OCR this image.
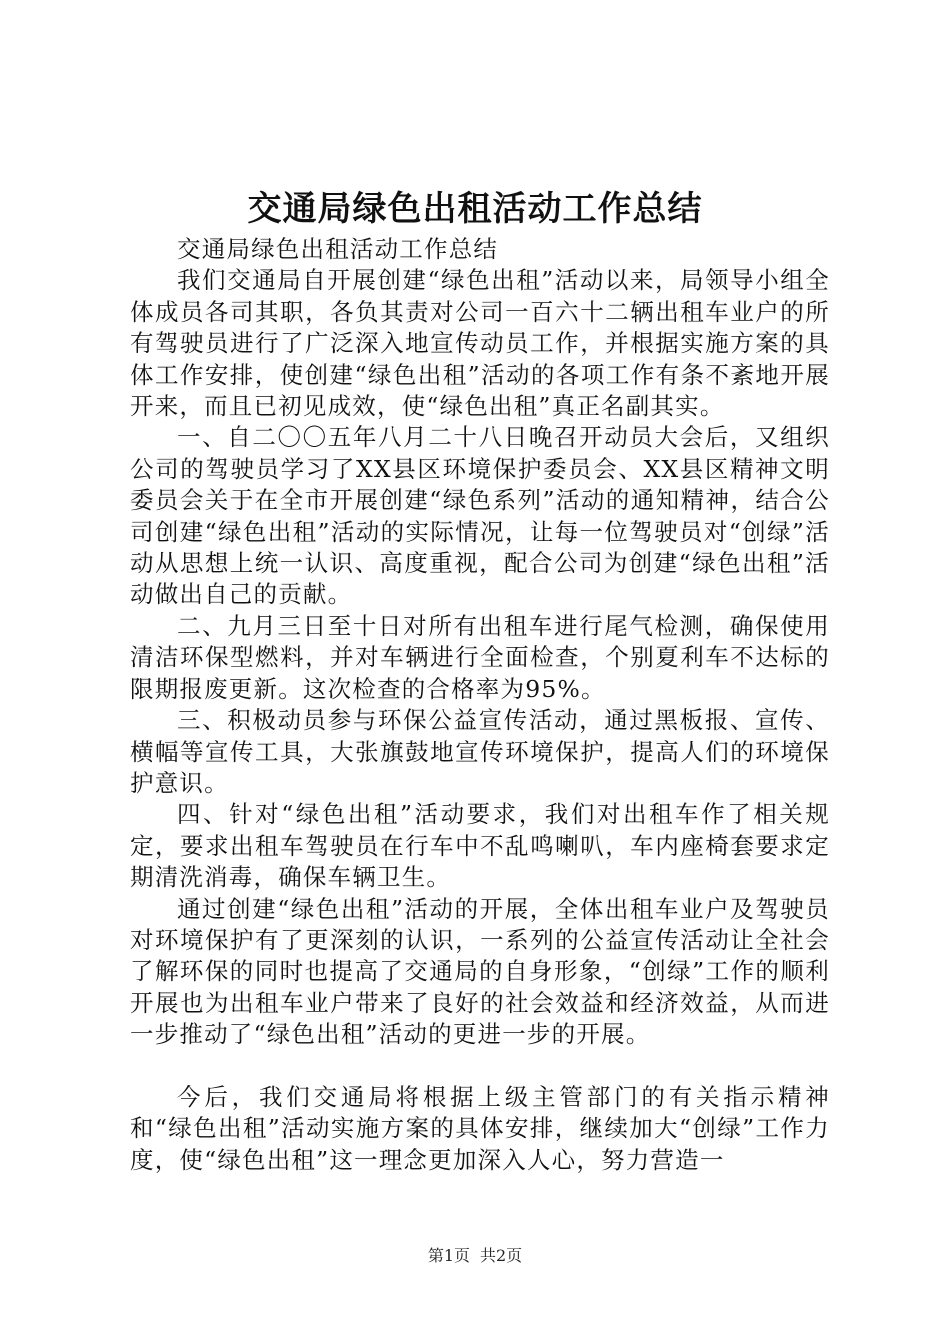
交通局绿色出租活动工作总结

交通局绿色出租活动工作总结

我们交通局自开展创建“绿色出租”活动以来，局领导小组全体成员各司其职，各负其责对公司一百六十二辆出租车业户的所有驾驶员进行了广泛深入地宣传动员工作，并根据实施方案的具体工作安排，使创建“绿色出租”活动的各项工作有条不紊地开展开来，而且已初见成效，使“绿色出租”真正名副其实。

一、自二〇〇五年八月二十八日晚召开动员大会后，又组织公司的驾驶员学习了XX县区环境保护委员会、XX县区精神文明委员会关于在全市开展创建“绿色系列”活动的通知精神，结合公司创建“绿色出租”活动的实际情况，让每一位驾驶员对“创绿”活动从思想上统一认识、高度重视，配合公司为创建“绿色出租”活动做出自己的贡献。

二、九月三日至十日对所有出租车进行尾气检测，确保使用清洁环保型燃料，并对车辆进行全面检查，个别夏利车不达标的限期报废更新。这次检查的合格率为95%。

三、积极动员参与环保公益宣传活动，通过黑板报、宣传、横幅等宣传工具，大张旗鼓地宣传环境保护，提高人们的环境保护意识。

四、针对“绿色出租”活动要求，我们对出租车作了相关规定，要求出租车驾驶员在行车中不乱鸣喇叭，车内座椅套要求定期清洗消毒，确保车辆卫生。

通过创建“绿色出租”活动的开展，全体出租车业户及驾驶员对环境保护有了更深刻的认识，一系列的公益宣传活动让全社会了解环保的同时也提高了交通局的自身形象，“创绿”工作的顺利开展也为出租车业户带来了良好的社会效益和经济效益，从而进一步推动了“绿色出租”活动的更进一步的开展。

今后，我们交通局将根据上级主管部门的有关指示精神和“绿色出租”活动实施方案的具体安排，继续加大“创绿”工作力度，使“绿色出租”这一理念更加深入人心，努力营造一

第1页 共2页
